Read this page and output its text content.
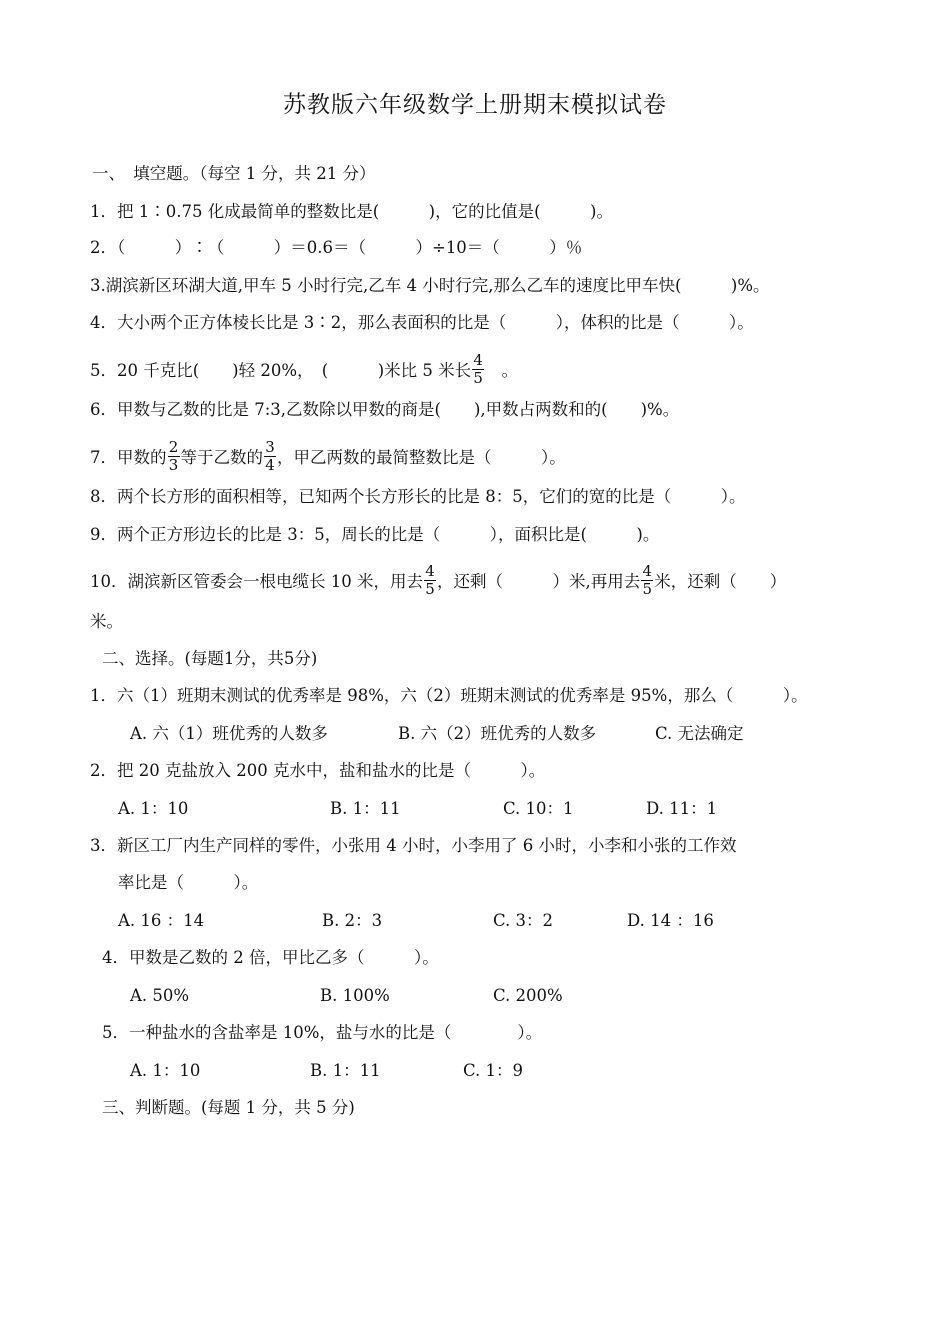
苏教版六年级数学上册期末模拟试卷
一、　填空题。（每空 1 分，共 21 分）
1．把 1∶0.75 化成最简单的整数比是(　　　)，它的比值是(　　　)。
2．（　　　）∶（　　　）＝0.6＝（　　　）÷10＝（　　　）％
3.湖滨新区环湖大道,甲车 5 小时行完,乙车 4 小时行完,那么乙车的速度比甲车快(　　　)%。
4．大小两个正方体棱长比是 3∶2，那么表面积的比是（　　　），体积的比是（　　　）。
5．20 千克比(　　)轻 20%，　(　　　)米比 5 米长 $\frac{4}{5}$ 　。
6．甲数与乙数的比是 7:3,乙数除以甲数的商是(　　),甲数占两数和的(　　)%。
7．甲数的 $\frac{2}{3}$ 等于乙数的 $\frac{3}{4}$ ，甲乙两数的最简整数比是（　　　）。
8．两个长方形的面积相等，已知两个长方形长的比是 8：5，它们的宽的比是（　　　）。
9．两个正方形边长的比是 3：5，周长的比是（　　　），面积比是(　　　)。
10．湖滨新区管委会一根电缆长 10 米，用去 $\frac{4}{5}$ ，还剩（　　　）米,再用去 $\frac{4}{5}$ 米，还剩（　　）
米。
二、选择。(每题1分，共5分)
1．六（1）班期末测试的优秀率是 98%，六（2）班期末测试的优秀率是 95%，那么（　　　）。
A. 六（1）班优秀的人数多	B. 六（2）班优秀的人数多	C. 无法确定
2．把 20 克盐放入 200 克水中，盐和盐水的比是（　　　）。
A. 1：10	B. 1：11	C. 10：1	D. 11：1
3．新区工厂内生产同样的零件，小张用 4 小时，小李用了 6 小时，小李和小张的工作效
率比是（　　　）。
A. 16 ：14	B. 2：3	C. 3：2	D. 14 ：16
4．甲数是乙数的 2 倍，甲比乙多（　　　）。
A. 50%	B. 100%	C. 200%
5．一种盐水的含盐率是 10%，盐与水的比是（　　　　）。
A. 1：10	B. 1：11	C. 1：9
三、判断题。(每题 1 分，共 5 分)
